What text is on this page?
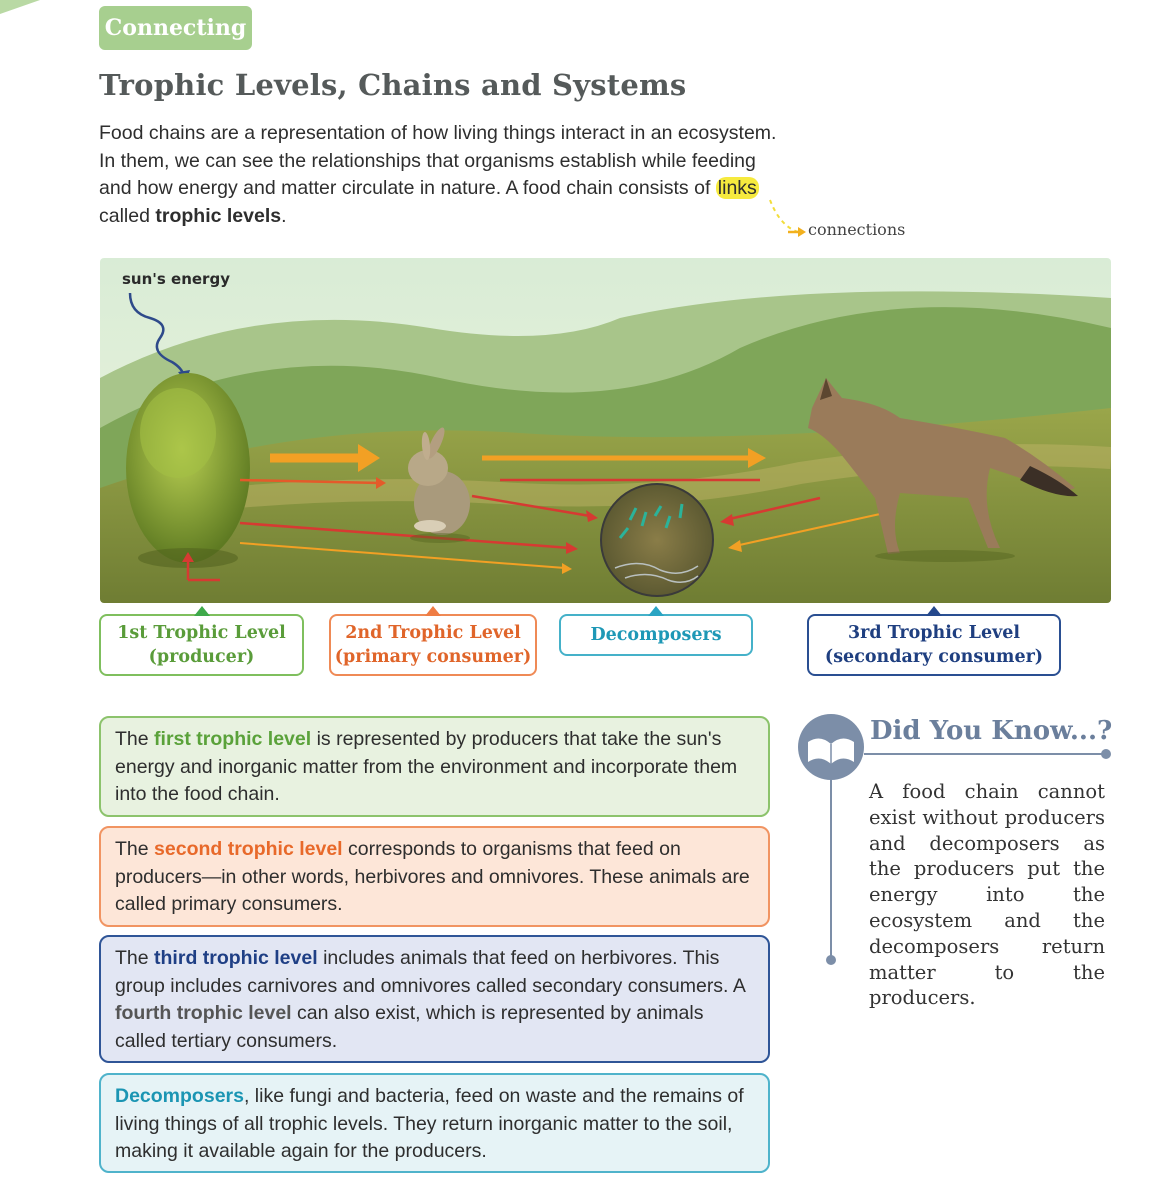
Connecting
Trophic Levels, Chains and Systems

Food chains are a representation of how living things interact in an ecosystem.
In them, we can see the relationships that organisms establish while feeding
and how energy and matter circulate in nature. A food chain consists of links
called trophic levels.

connections
sun's energy
1st Trophic Level
(producer)
2nd Trophic Level
(primary consumer)
Decomposers	3rd Trophic Level
(secondary consumer)
The first trophic level is represented by producers that take the sun's energy and inorganic matter from the environment and incorporate them into the food chain.
The second trophic level corresponds to organisms that feed on producers—in other words, herbivores and omnivores. These animals are called primary consumers.
The third trophic level includes animals that feed on herbivores. This group includes carnivores and omnivores called secondary consumers. A fourth trophic level can also exist, which is represented by animals called tertiary consumers.
Decomposers, like fungi and bacteria, feed on waste and the remains of living things of all trophic levels. They return inorganic matter to the soil, making it available again for the producers.
Did You Know...?

A food chain cannot exist without producers and decomposers as the producers put the energy into the ecosystem and the decomposers return matter to the producers.
